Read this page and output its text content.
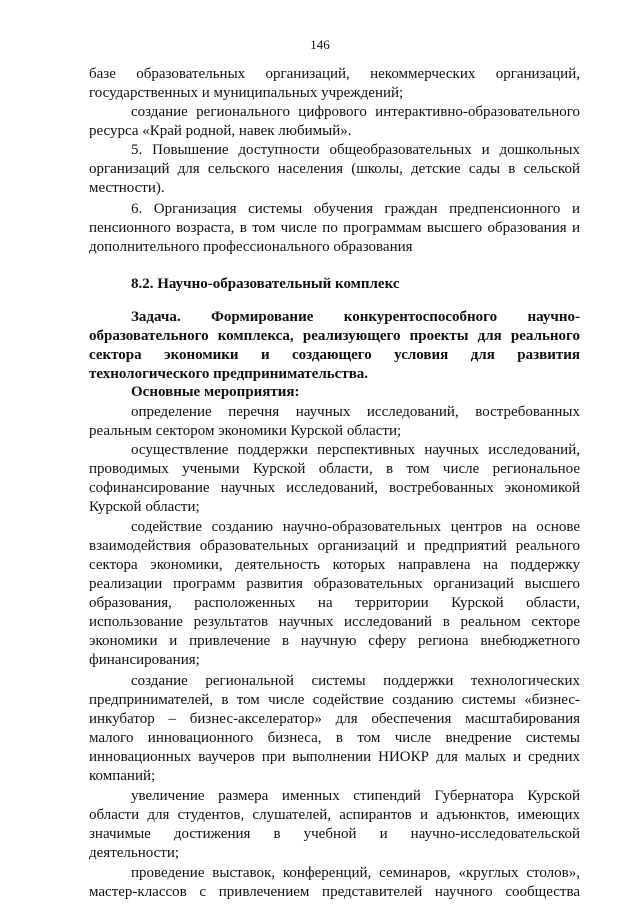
146
базе образовательных организаций, некоммерческих организаций,
государственных и муниципальных учреждений;
создание регионального цифрового интерактивно-образовательного
ресурса «Край родной, навек любимый».
5. Повышение доступности общеобразовательных и дошкольных
организаций для сельского населения (школы, детские сады в сельской
местности).
6. Организация системы обучения граждан предпенсионного и
пенсионного возраста, в том числе по программам высшего образования и
дополнительного профессионального образования
8.2. Научно-образовательный комплекс
Задача. Формирование конкурентоспособного научно-
образовательного комплекса, реализующего проекты для реального
сектора экономики и создающего условия для развития
технологического предпринимательства.
Основные мероприятия:
определение перечня научных исследований, востребованных
реальным сектором экономики Курской области;
осуществление поддержки перспективных научных исследований,
проводимых учеными Курской области, в том числе региональное
софинансирование научных исследований, востребованных экономикой
Курской области;
содействие созданию научно-образовательных центров на основе
взаимодействия образовательных организаций и предприятий реального
сектора экономики, деятельность которых направлена на поддержку
реализации программ развития образовательных организаций высшего
образования, расположенных на территории Курской области,
использование результатов научных исследований в реальном секторе
экономики и привлечение в научную сферу региона внебюджетного
финансирования;
создание региональной системы поддержки технологических
предпринимателей, в том числе содействие созданию системы «бизнес-
инкубатор – бизнес-акселератор» для обеспечения масштабирования
малого инновационного бизнеса, в том числе внедрение системы
инновационных ваучеров при выполнении НИОКР для малых и средних
компаний;
увеличение размера именных стипендий Губернатора Курской
области для студентов, слушателей, аспирантов и адъюнктов, имеющих
значимые достижения в учебной и научно-исследовательской
деятельности;
проведение выставок, конференций, семинаров, «круглых столов»,
мастер-классов с привлечением представителей научного сообщества
